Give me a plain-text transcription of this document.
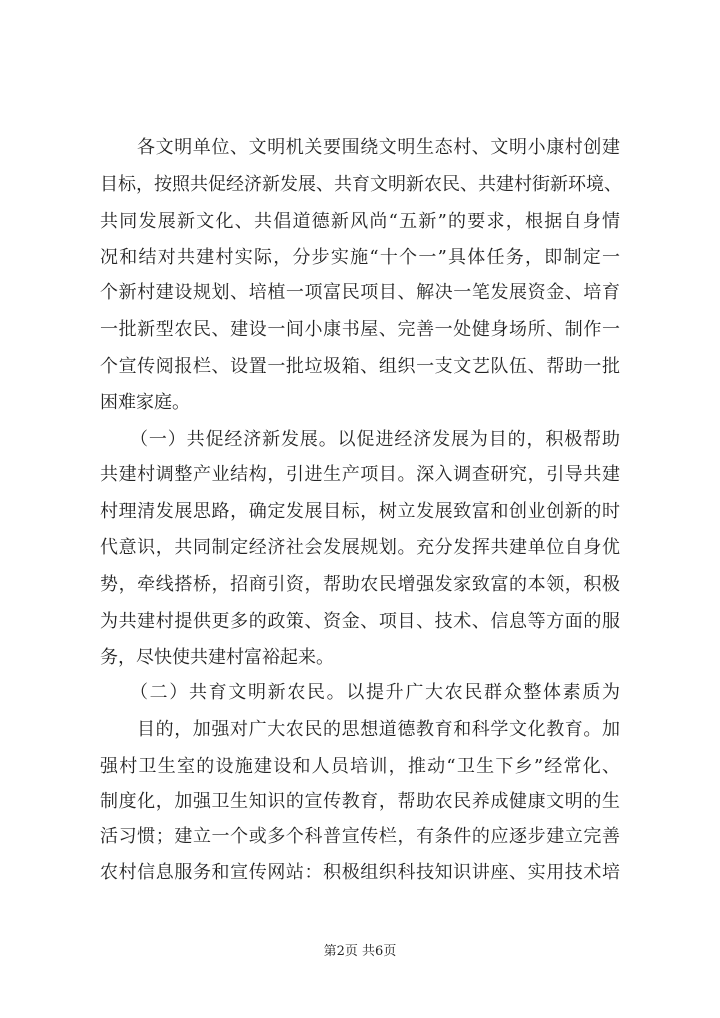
各文明单位、文明机关要围绕文明生态村、文明小康村创建
目标，按照共促经济新发展、共育文明新农民、共建村街新环境、
共同发展新文化、共倡道德新风尚“五新”的要求，根据自身情
况和结对共建村实际，分步实施“十个一”具体任务，即制定一
个新村建设规划、培植一项富民项目、解决一笔发展资金、培育
一批新型农民、建设一间小康书屋、完善一处健身场所、制作一
个宣传阅报栏、设置一批垃圾箱、组织一支文艺队伍、帮助一批
困难家庭。
（一）共促经济新发展。以促进经济发展为目的，积极帮助
共建村调整产业结构，引进生产项目。深入调查研究，引导共建
村理清发展思路，确定发展目标，树立发展致富和创业创新的时
代意识，共同制定经济社会发展规划。充分发挥共建单位自身优
势，牵线搭桥，招商引资，帮助农民增强发家致富的本领，积极
为共建村提供更多的政策、资金、项目、技术、信息等方面的服
务，尽快使共建村富裕起来。
（二）共育文明新农民。以提升广大农民群众整体素质为
目的，加强对广大农民的思想道德教育和科学文化教育。加
强村卫生室的设施建设和人员培训，推动“卫生下乡”经常化、
制度化，加强卫生知识的宣传教育，帮助农民养成健康文明的生
活习惯；建立一个或多个科普宣传栏，有条件的应逐步建立完善
农村信息服务和宣传网站：积极组织科技知识讲座、实用技术培
第2页 共6页
